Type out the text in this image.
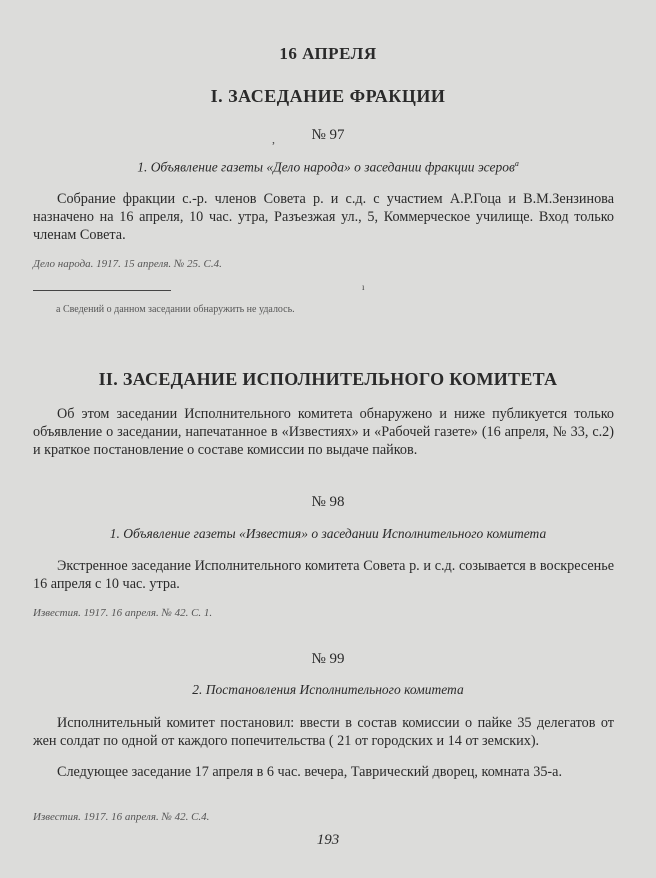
16 АПРЕЛЯ
I. ЗАСЕДАНИЕ ФРАКЦИИ
,	№ 97
1. Объявление газеты «Дело народа» о заседании фракции эсеров$^а$
Собрание фракции с.-р. членов Совета р. и с.д. с участием А.Р.Гоца и В.М.Зензинова назначено на 16 апреля, 10 час. утра, Разъезжая ул., 5, Коммерческое училище. Вход только членам Совета.
Дело народа. 1917. 15 апреля. № 25. С.4.
ı
а Сведений о данном заседании обнаружить не удалось.
II. ЗАСЕДАНИЕ ИСПОЛНИТЕЛЬНОГО КОМИТЕТА
Об этом заседании Исполнительного комитета обнаружено и ниже публикуется только объявление о заседании, напечатанное в «Известиях» и «Рабочей газете» (16 апреля, № 33, с.2) и краткое постановление о составе комиссии по выдаче пайков.
№ 98
1. Объявление газеты «Известия» о заседании Исполнительного комитета
Экстренное заседание Исполнительного комитета Совета р. и с.д. созывается в воскресенье 16 апреля с 10 час. утра.
Известия. 1917. 16 апреля. № 42. С. 1.
№ 99
2. Постановления Исполнительного комитета
Исполнительный комитет постановил: ввести в состав комиссии о пайке 35 делегатов от жен солдат по одной от каждого попечительства ( 21 от городских и 14 от земских).
Следующее заседание 17 апреля в 6 час. вечера, Таврический дворец, комната 35-а.
Известия. 1917. 16 апреля. № 42. С.4.
193
